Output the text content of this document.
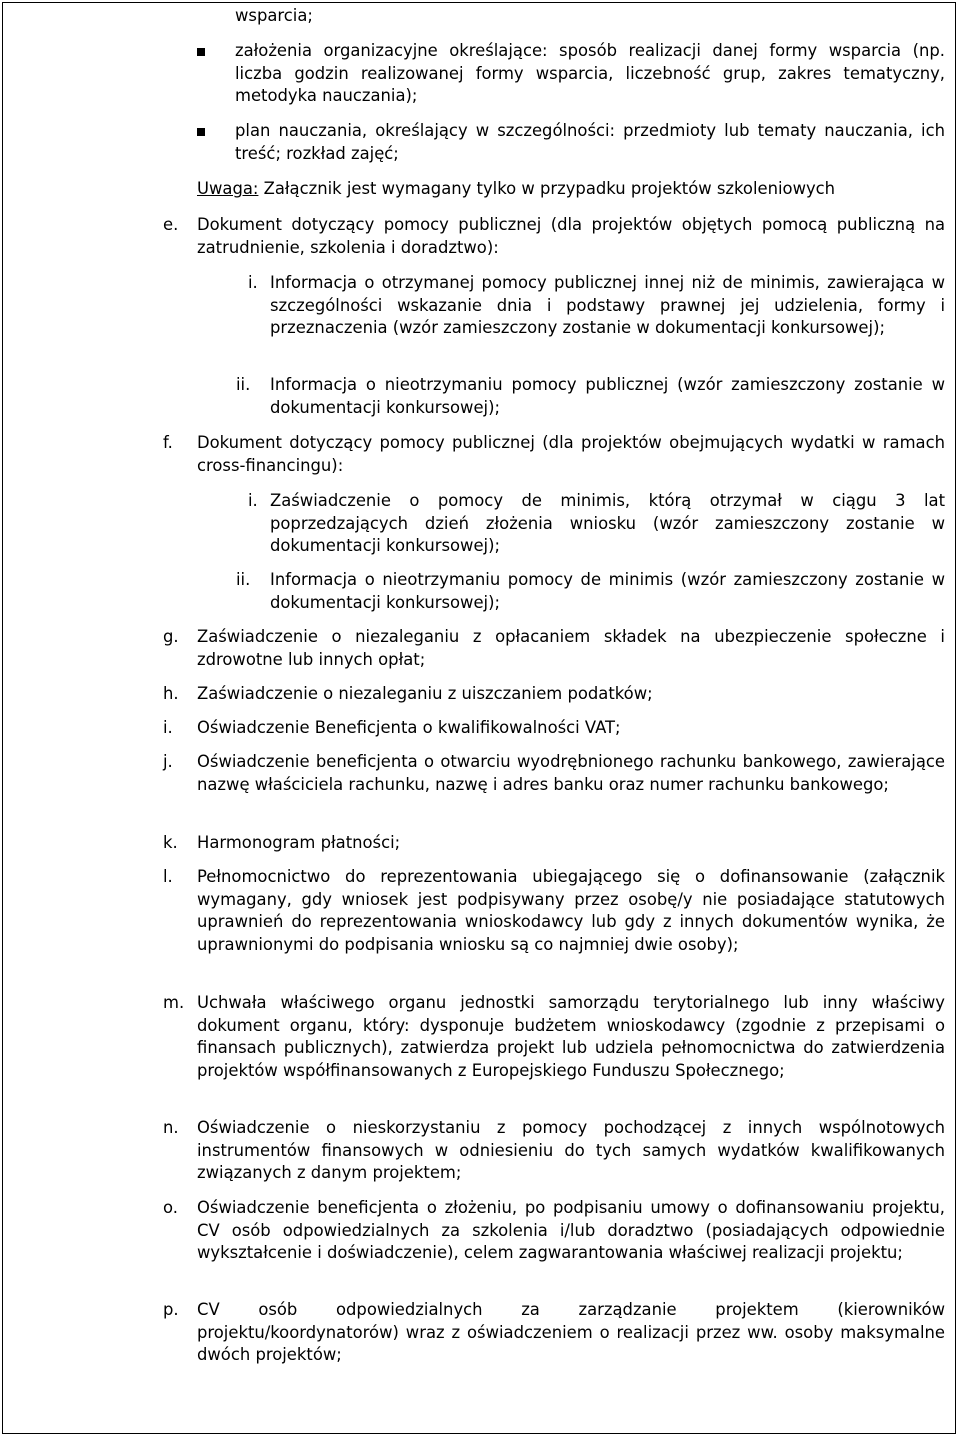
wsparcia;
założenia organizacyjne określające: sposób realizacji danej formy wsparcia (np. liczba godzin realizowanej formy wsparcia, liczebność grup, zakres tematyczny, metodyka nauczania);
plan nauczania, określający w szczególności: przedmioty lub tematy nauczania, ich treść; rozkład zajęć;
Uwaga: Załącznik jest wymagany tylko w przypadku projektów szkoleniowych
e. Dokument dotyczący pomocy publicznej (dla projektów objętych pomocą publiczną na zatrudnienie, szkolenia i doradztwo):
i. Informacja o otrzymanej pomocy publicznej innej niż de minimis, zawierająca w szczególności wskazanie dnia i podstawy prawnej jej udzielenia, formy i przeznaczenia (wzór zamieszczony zostanie w dokumentacji konkursowej);
ii. Informacja o nieotrzymaniu pomocy publicznej (wzór zamieszczony zostanie w dokumentacji konkursowej);
f. Dokument dotyczący pomocy publicznej (dla projektów obejmujących wydatki w ramach cross-financingu):
i. Zaświadczenie o pomocy de minimis, którą otrzymał w ciągu 3 lat poprzedzających dzień złożenia wniosku (wzór zamieszczony zostanie w dokumentacji konkursowej);
ii. Informacja o nieotrzymaniu pomocy de minimis (wzór zamieszczony zostanie w dokumentacji konkursowej);
g. Zaświadczenie o niezaleganiu z opłacaniem składek na ubezpieczenie społeczne i zdrowotne lub innych opłat;
h. Zaświadczenie o niezaleganiu z uiszczaniem podatków;
i. Oświadczenie Beneficjenta o kwalifikowalności VAT;
j. Oświadczenie beneficjenta o otwarciu wyodrębnionego rachunku bankowego, zawierające nazwę właściciela rachunku, nazwę i adres banku oraz numer rachunku bankowego;
k. Harmonogram płatności;
l. Pełnomocnictwo do reprezentowania ubiegającego się o dofinansowanie (załącznik wymagany, gdy wniosek jest podpisywany przez osobę/y nie posiadające statutowych uprawnień do reprezentowania wnioskodawcy lub gdy z innych dokumentów wynika, że uprawnionymi do podpisania wniosku są co najmniej dwie osoby);
m. Uchwała właściwego organu jednostki samorządu terytorialnego lub inny właściwy dokument organu, który: dysponuje budżetem wnioskodawcy (zgodnie z przepisami o finansach publicznych), zatwierdza projekt lub udziela pełnomocnictwa do zatwierdzenia projektów współfinansowanych z Europejskiego Funduszu Społecznego;
n. Oświadczenie o nieskorzystaniu z pomocy pochodzącej z innych wspólnotowych instrumentów finansowych w odniesieniu do tych samych wydatków kwalifikowanych związanych z danym projektem;
o. Oświadczenie beneficjenta o złożeniu, po podpisaniu umowy o dofinansowaniu projektu, CV osób odpowiedzialnych za szkolenia i/lub doradztwo (posiadających odpowiednie wykształcenie i doświadczenie), celem zagwarantowania właściwej realizacji projektu;
p. CV osób odpowiedzialnych za zarządzanie projektem (kierowników projektu/koordynatorów) wraz z oświadczeniem o realizacji przez ww. osoby maksymalne dwóch projektów;
